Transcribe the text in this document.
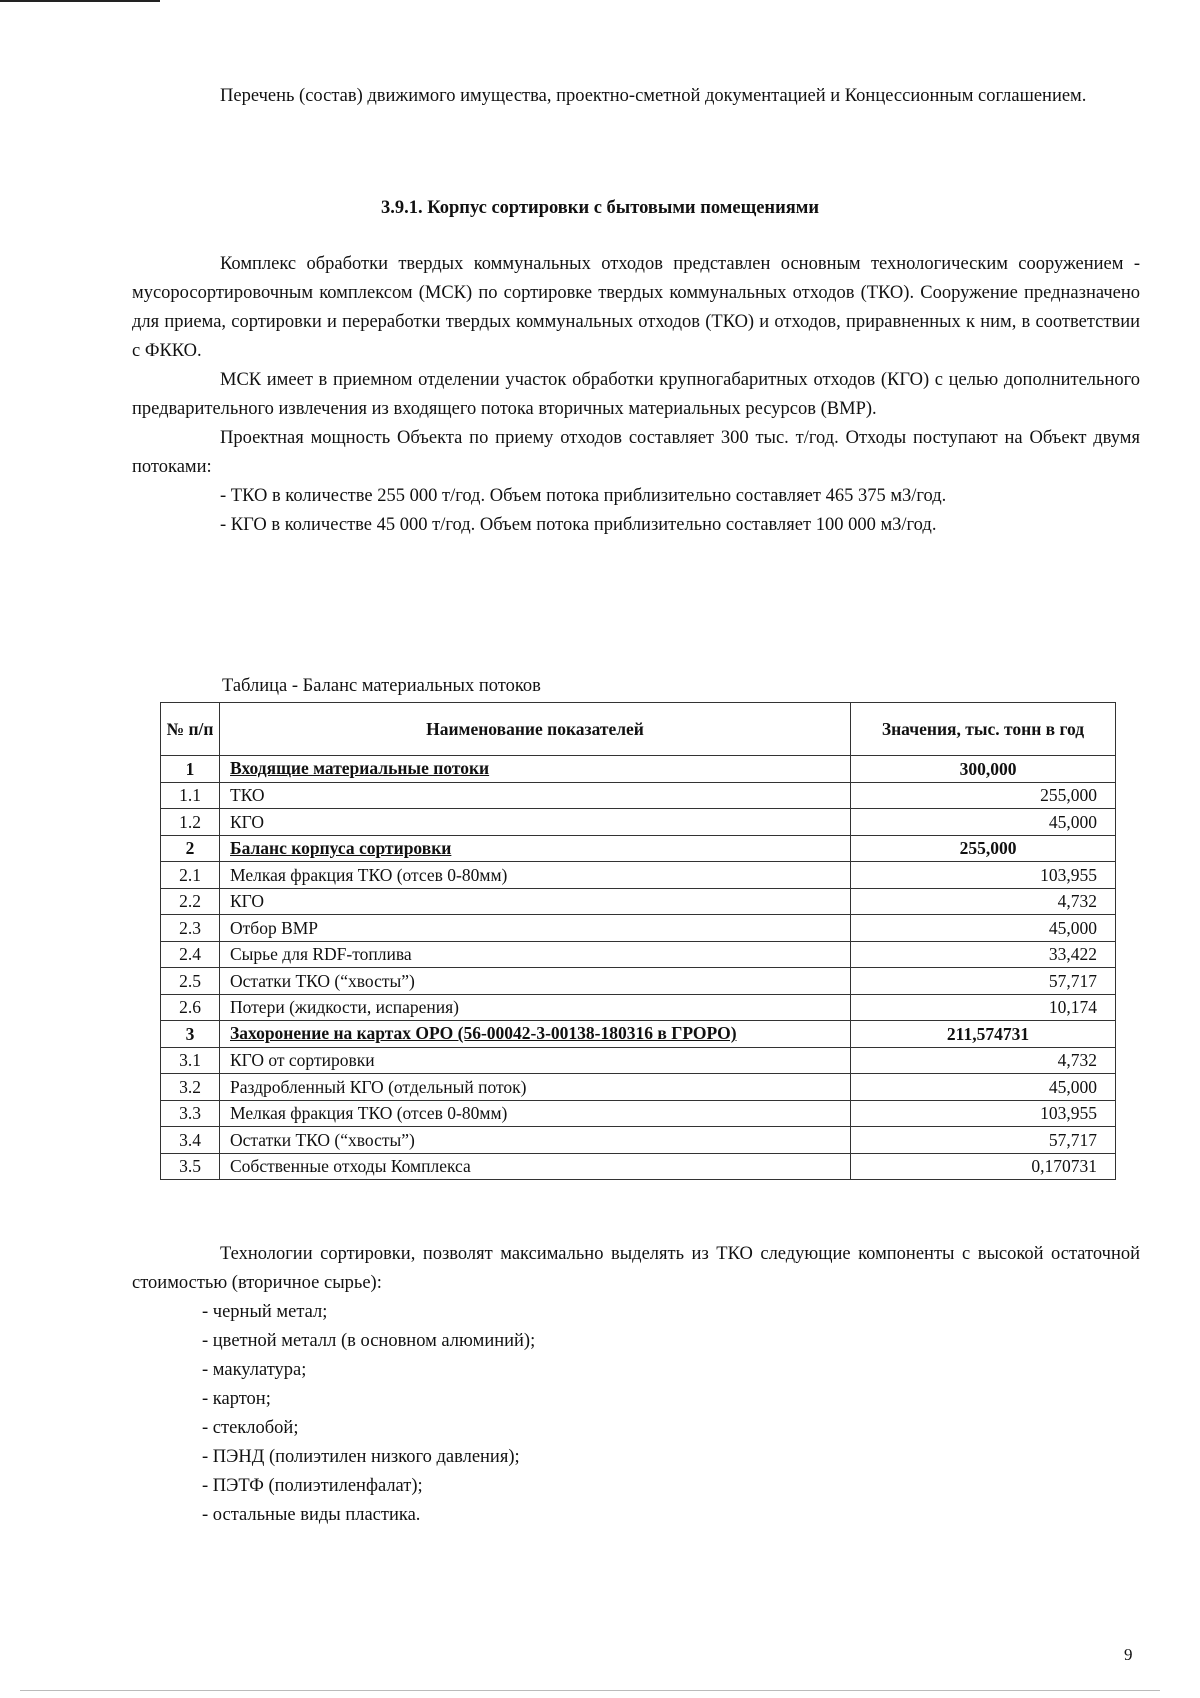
Перечень (состав) движимого имущества, проектно-сметной документацией и Концессионным соглашением.

3.9.1. Корпус сортировки с бытовыми помещениями

Комплекс обработки твердых коммунальных отходов представлен основным технологическим сооружением - мусоросортировочным комплексом (МСК) по сортировке твердых коммунальных отходов (ТКО). Сооружение предназначено для приема, сортировки и переработки твердых коммунальных отходов (ТКО) и отходов, приравненных к ним, в соответствии с ФККО.

МСК имеет в приемном отделении участок обработки крупногабаритных отходов (КГО) с целью дополнительного предварительного извлечения из входящего потока вторичных материальных ресурсов (ВМР).

Проектная мощность Объекта по приему отходов составляет 300 тыс. т/год. Отходы поступают на Объект двумя потоками:

- ТКО в количестве 255 000 т/год. Объем потока приблизительно составляет 465 375 м3/год.

- КГО в количестве 45 000 т/год. Объем потока приблизительно составляет 100 000 м3/год.

Таблица - Баланс материальных потоков
№ п/п	Наименование показателей	Значения, тыс. тонн в год
1	Входящие материальные потоки	300,000
1.1	ТКО	255,000
1.2	КГО	45,000
2	Баланс корпуса сортировки	255,000
2.1	Мелкая фракция ТКО (отсев 0-80мм)	103,955
2.2	КГО	4,732
2.3	Отбор ВМР	45,000
2.4	Сырье для RDF-топлива	33,422
2.5	Остатки ТКО (“хвосты”)	57,717
2.6	Потери (жидкости, испарения)	10,174
3	Захоронение на картах ОРО (56-00042-3-00138-180316 в ГРОРО)	211,574731
3.1	КГО от сортировки	4,732
3.2	Раздробленный КГО (отдельный поток)	45,000
3.3	Мелкая фракция ТКО (отсев 0-80мм)	103,955
3.4	Остатки ТКО (“хвосты”)	57,717
3.5	Собственные отходы Комплекса	0,170731

Технологии сортировки, позволят максимально выделять из ТКО следующие компоненты с высокой остаточной стоимостью (вторичное сырье):

- черный метал;
- цветной металл (в основном алюминий);
- макулатура;
- картон;
- стеклобой;
- ПЭНД (полиэтилен низкого давления);
- ПЭТФ (полиэтиленфалат);
- остальные виды пластика.
9
